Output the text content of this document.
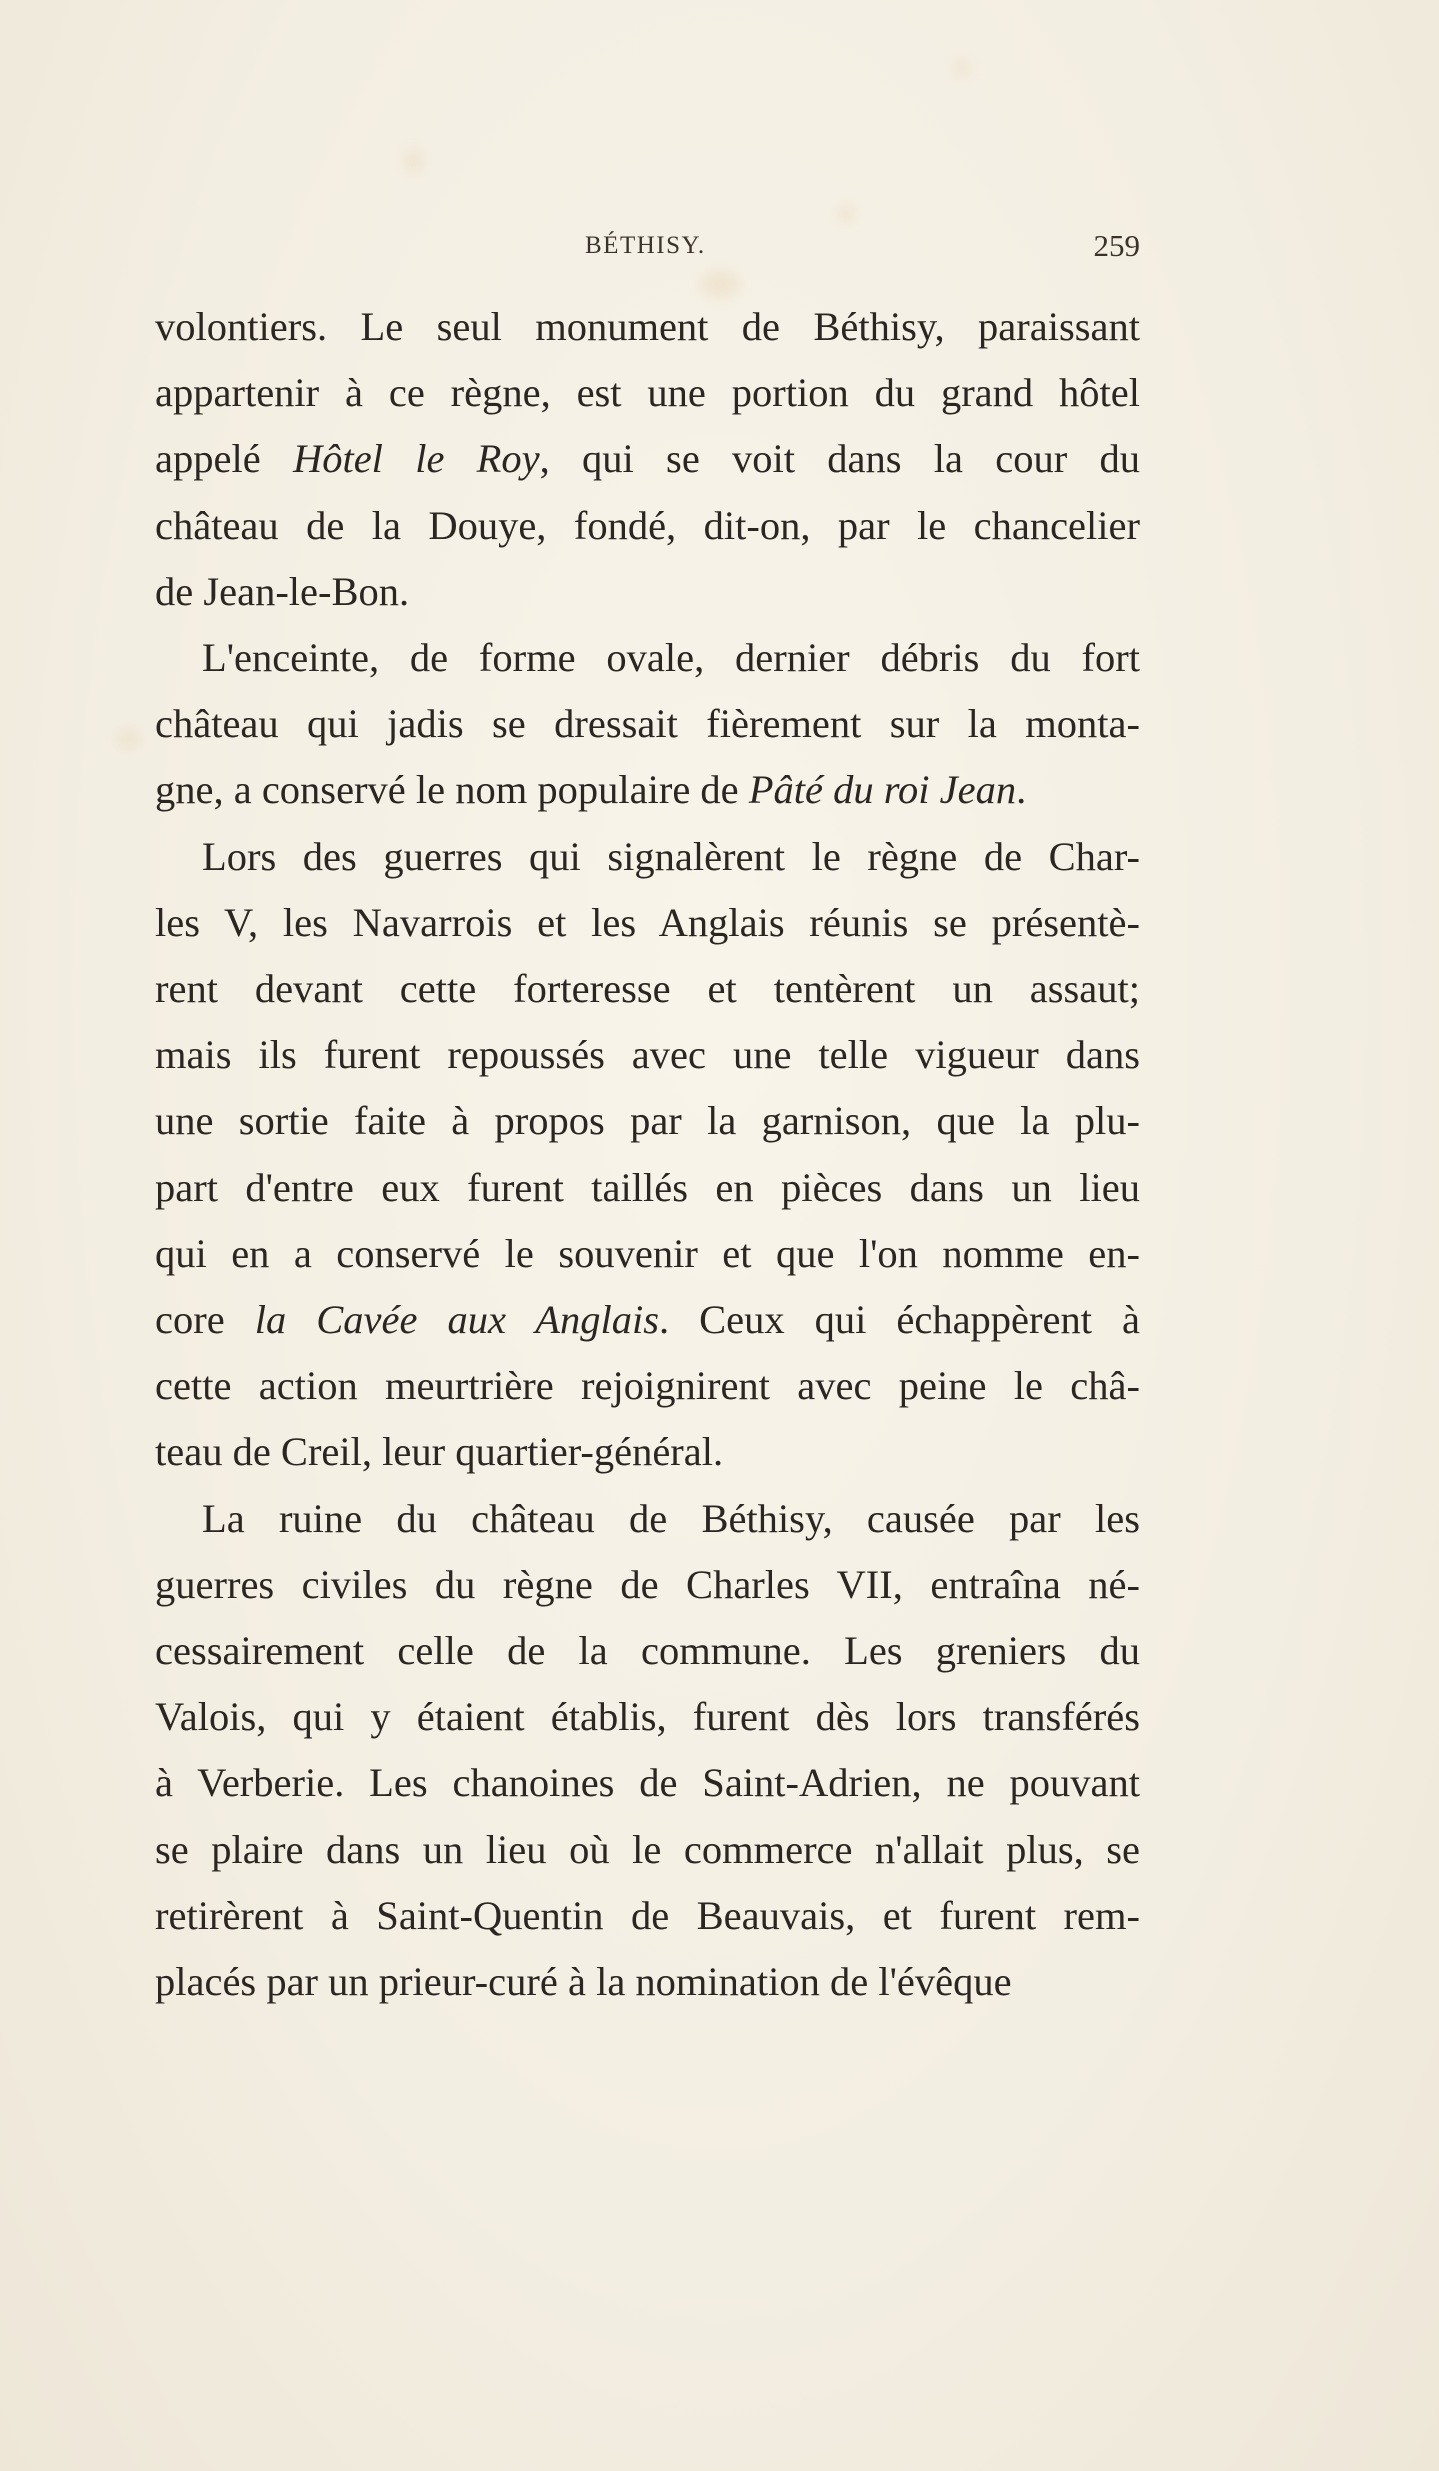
BÉTHISY.	259
volontiers. Le seul monument de Béthisy, paraissant
appartenir à ce règne, est une portion du grand hôtel
appelé Hôtel le Roy, qui se voit dans la cour du
château de la Douye, fondé, dit-on, par le chancelier
de Jean-le-Bon.
L'enceinte, de forme ovale, dernier débris du fort
château qui jadis se dressait fièrement sur la monta-
gne, a conservé le nom populaire de Pâté du roi Jean.
Lors des guerres qui signalèrent le règne de Char-
les V, les Navarrois et les Anglais réunis se présentè-
rent devant cette forteresse et tentèrent un assaut;
mais ils furent repoussés avec une telle vigueur dans
une sortie faite à propos par la garnison, que la plu-
part d'entre eux furent taillés en pièces dans un lieu
qui en a conservé le souvenir et que l'on nomme en-
core la Cavée aux Anglais. Ceux qui échappèrent à
cette action meurtrière rejoignirent avec peine le châ-
teau de Creil, leur quartier-général.
La ruine du château de Béthisy, causée par les
guerres civiles du règne de Charles VII, entraîna né-
cessairement celle de la commune. Les greniers du
Valois, qui y étaient établis, furent dès lors transférés
à Verberie. Les chanoines de Saint-Adrien, ne pouvant
se plaire dans un lieu où le commerce n'allait plus, se
retirèrent à Saint-Quentin de Beauvais, et furent rem-
placés par un prieur-curé à la nomination de l'évêque
